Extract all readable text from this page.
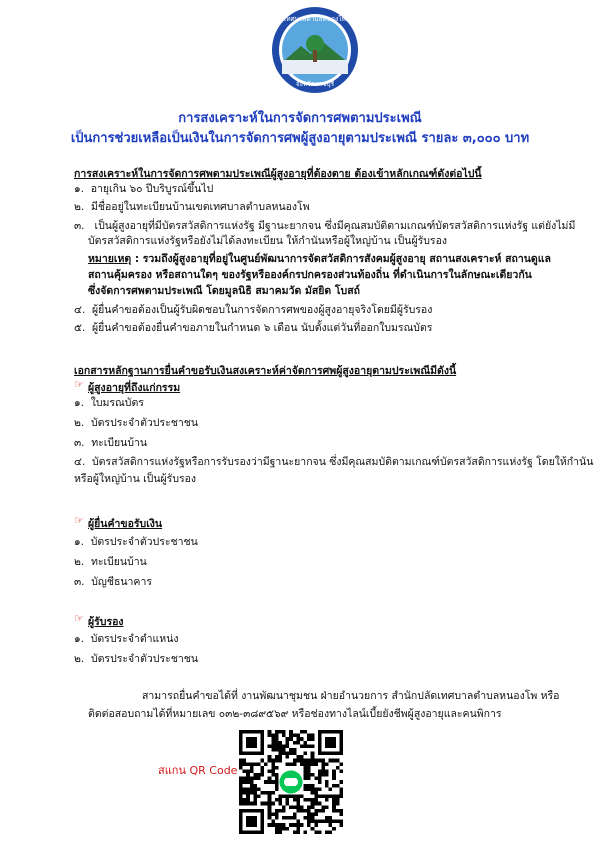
เทศบาลตำบลหนองโพ
จังหวัดราชบุรี
การสงเคราะห์ในการจัดการศพตามประเพณี
เป็นการช่วยเหลือเป็นเงินในการจัดการศพผู้สูงอายุตามประเพณี รายละ ๓,๐๐๐ บาท
การสงเคราะห์ในการจัดการศพตามประเพณีผู้สูงอายุที่ต้องตาย ต้องเข้าหลักเกณฑ์ดังต่อไปนี้
๑. อายุเกิน ๖๐ ปีบริบูรณ์ขึ้นไป
๒. มีชื่ออยู่ในทะเบียนบ้านเขตเทศบาลตำบลหนองโพ
๓. เป็นผู้สูงอายุที่มีบัตรสวัสดิการแห่งรัฐ มีฐานะยากจน ซึ่งมีคุณสมบัติตามเกณฑ์บัตรสวัสดิการแห่งรัฐ แต่ยังไม่มี
บัตรสวัสดิการแห่งรัฐหรือยังไม่ได้ลงทะเบียน ให้กำนันหรือผู้ใหญ่บ้าน เป็นผู้รับรอง
หมายเหตุ : รวมถึงผู้สูงอายุที่อยู่ในศูนย์พัฒนาการจัดสวัสดิการสังคมผู้สูงอายุ สถานสงเคราะห์ สถานดูแล
สถานคุ้มครอง หรือสถานใดๆ ของรัฐหรือองค์กรปกครองส่วนท้องถิ่น ที่ดำเนินการในลักษณะเดียวกัน
ซึ่งจัดการศพตามประเพณี โดยมูลนิธิ สมาคมวัด มัสยิด โบสถ์
๔. ผู้ยื่นคำขอต้องเป็นผู้รับผิดชอบในการจัดการศพของผู้สูงอายุจริงโดยมีผู้รับรอง
๕. ผู้ยื่นคำขอต้องยื่นคำขอภายในกำหนด ๖ เดือน นับตั้งแต่วันที่ออกใบมรณบัตร
เอกสารหลักฐานการยื่นคำขอรับเงินสงเคราะห์ค่าจัดการศพผู้สูงอายุตามประเพณีมีดังนี้
☞ ผู้สูงอายุที่ถึงแก่กรรม
๑. ใบมรณบัตร
๒. บัตรประจำตัวประชาชน
๓. ทะเบียนบ้าน
๔. บัตรสวัสดิการแห่งรัฐหรือการรับรองว่ามีฐานะยากจน ซึ่งมีคุณสมบัติตามเกณฑ์บัตรสวัสดิการแห่งรัฐ โดยให้กำนัน
หรือผู้ใหญ่บ้าน เป็นผู้รับรอง
☞ ผู้ยื่นคำขอรับเงิน
๑. บัตรประจำตัวประชาชน
๒. ทะเบียนบ้าน
๓. บัญชีธนาคาร
☞ ผู้รับรอง
๑. บัตรประจำตำแหน่ง
๒. บัตรประจำตัวประชาชน
สามารถยื่นคำขอได้ที่ งานพัฒนาชุมชน ฝ่ายอำนวยการ สำนักปลัดเทศบาลตำบลหนองโพ หรือ
ติดต่อสอบถามได้ที่หมายเลข ๐๓๒-๓๘๙๕๖๙ หรือช่องทางไลน์เบี้ยยังชีพผู้สูงอายุและคนพิการ
สแกน QR Code
